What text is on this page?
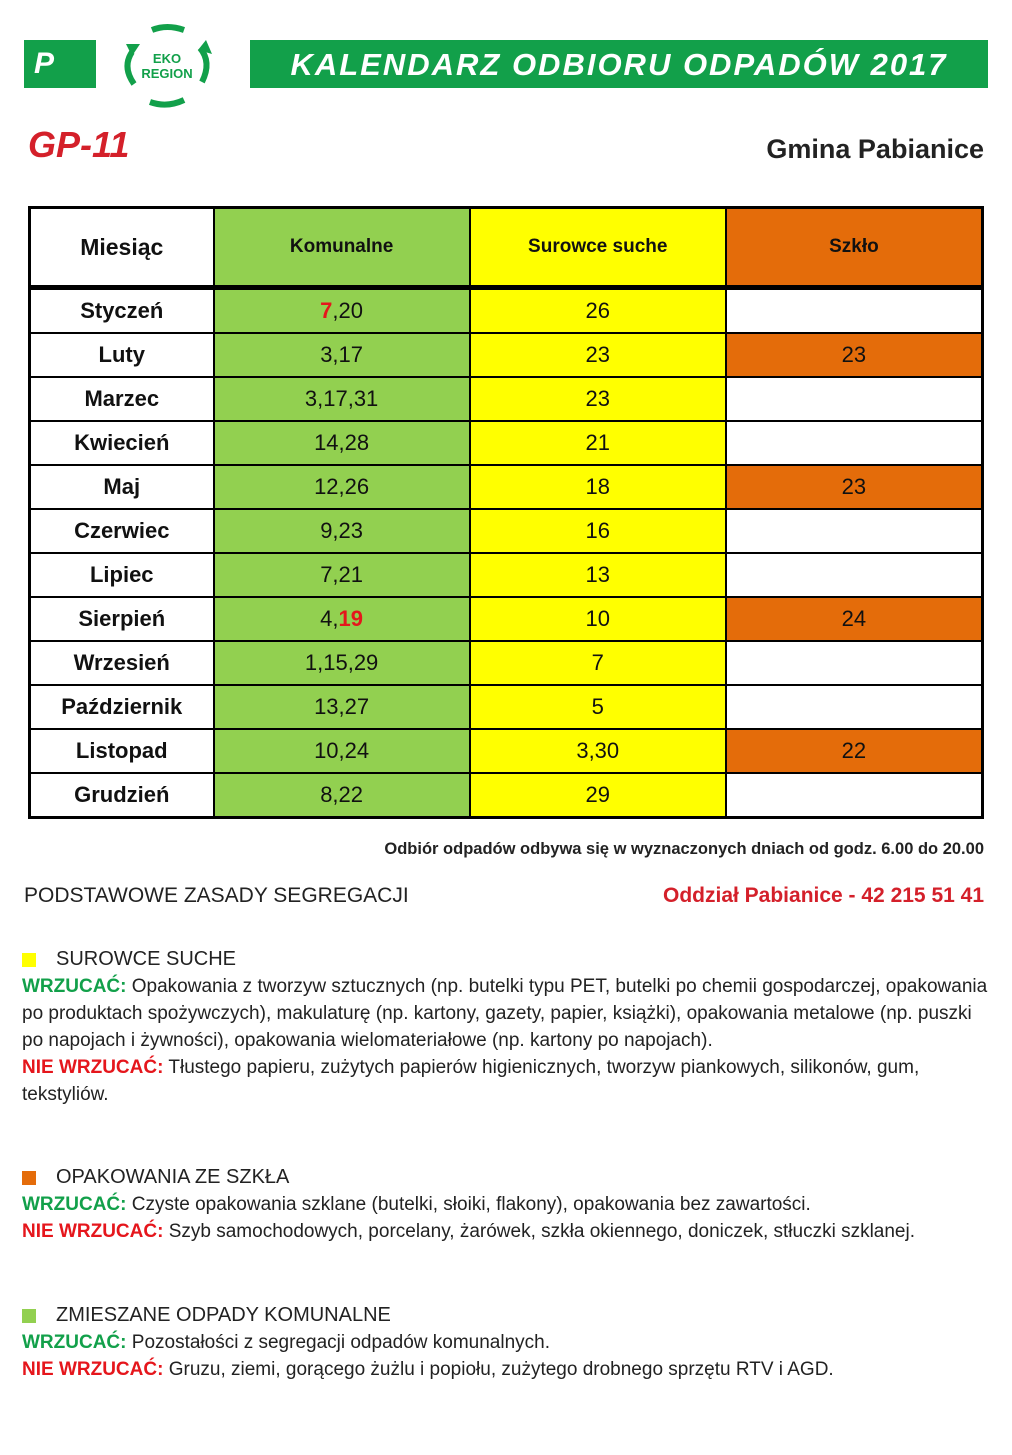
P	EKO
REGION	KALENDARZ ODBIORU ODPADÓW 2017
GP-11	Gmina Pabianice
Miesiąc	Komunalne	Surowce suche	Szkło
Styczeń	7,20	26	
Luty	3,17	23	23
Marzec	3,17,31	23	
Kwiecień	14,28	21	
Maj	12,26	18	23
Czerwiec	9,23	16	
Lipiec	7,21	13	
Sierpień	4,19	10	24
Wrzesień	1,15,29	7	
Październik	13,27	5	
Listopad	10,24	3,30	22
Grudzień	8,22	29	
Odbiór odpadów odbywa się w wyznaczonych dniach od godz. 6.00 do 20.00
PODSTAWOWE ZASADY SEGREGACJI	Oddział Pabianice - 42 215 51 41
SUROWCE SUCHE
WRZUCAĆ: Opakowania z tworzyw sztucznych (np. butelki typu PET, butelki po chemii gospodarczej, opakowania po produktach spożywczych), makulaturę (np. kartony, gazety, papier, książki), opakowania metalowe (np. puszki po napojach i żywności), opakowania wielomateriałowe (np. kartony po napojach).
NIE WRZUCAĆ: Tłustego papieru, zużytych papierów higienicznych, tworzyw piankowych, silikonów, gum, tekstyliów.
OPAKOWANIA ZE SZKŁA
WRZUCAĆ: Czyste opakowania szklane (butelki, słoiki, flakony), opakowania bez zawartości.
NIE WRZUCAĆ: Szyb samochodowych, porcelany, żarówek, szkła okiennego, doniczek, stłuczki szklanej.
ZMIESZANE ODPADY KOMUNALNE
WRZUCAĆ: Pozostałości z segregacji odpadów komunalnych.
NIE WRZUCAĆ: Gruzu, ziemi, gorącego żużlu i popiołu, zużytego drobnego sprzętu RTV i AGD.
